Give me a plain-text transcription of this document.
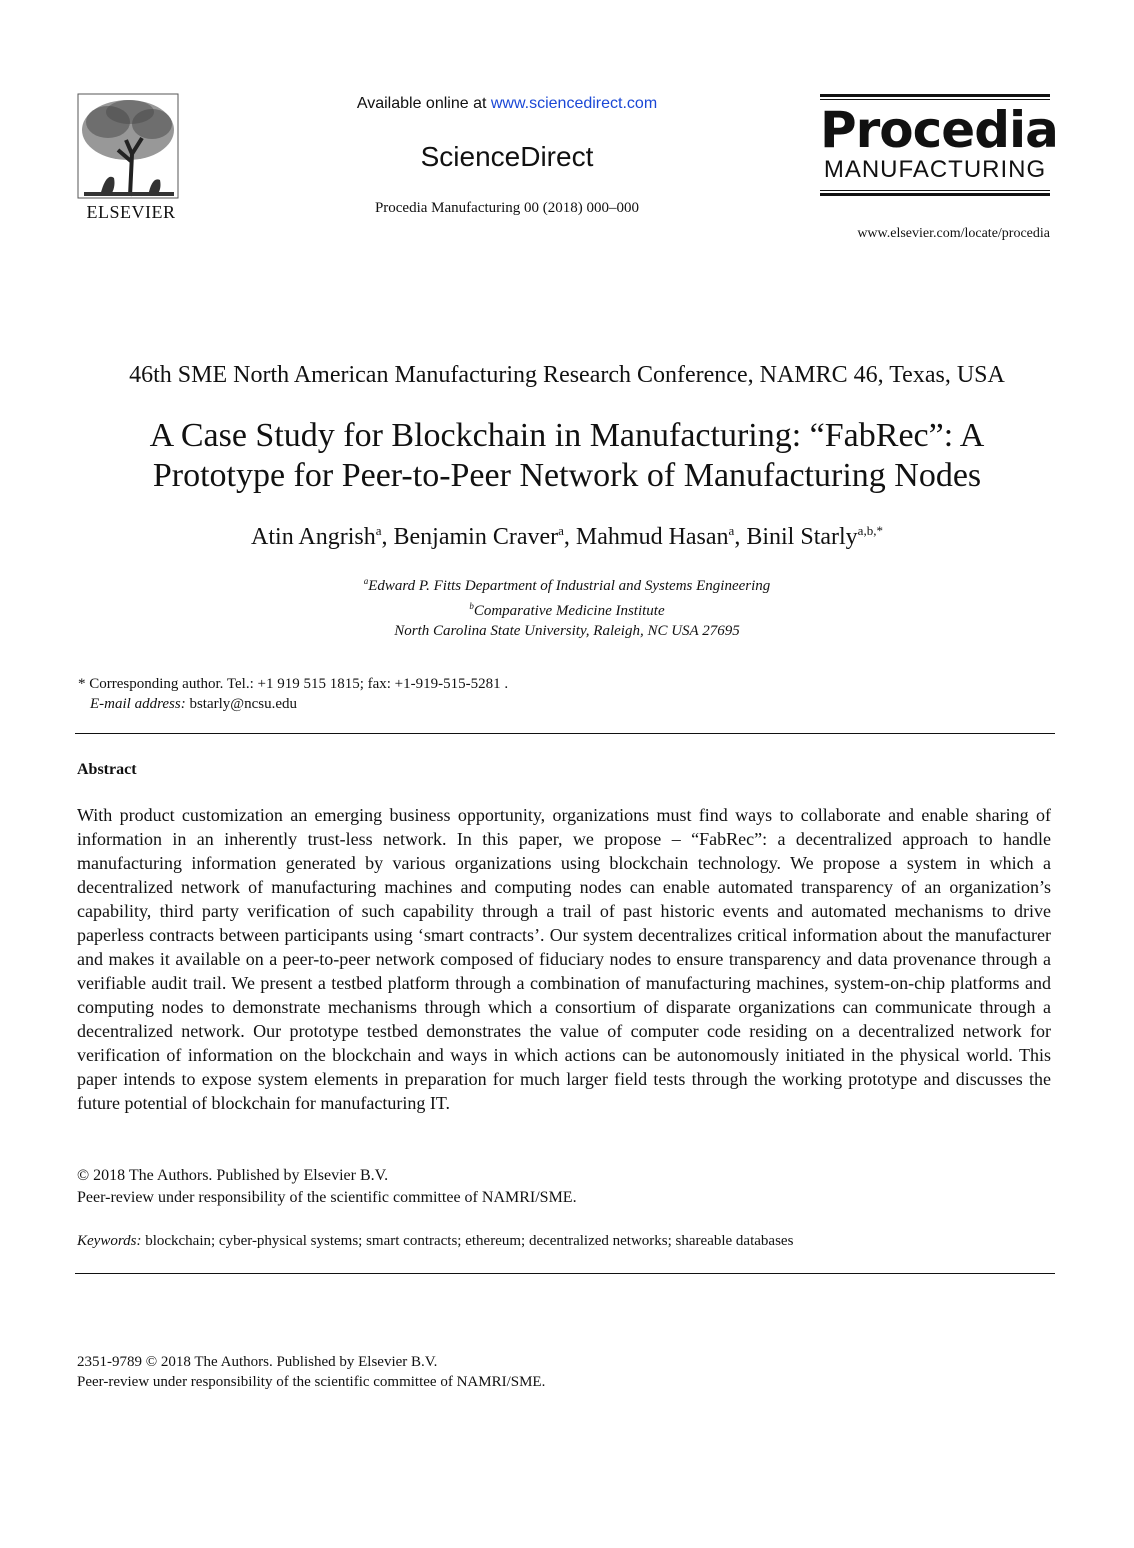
ELSEVIER
Available online at www.sciencedirect.com
ScienceDirect
Procedia Manufacturing 00 (2018) 000–000
Procedia
MANUFACTURING
www.elsevier.com/locate/procedia
46th SME North American Manufacturing Research Conference, NAMRC 46, Texas, USA
A Case Study for Blockchain in Manufacturing: “FabRec”: A
Prototype for Peer-to-Peer Network of Manufacturing Nodes
Atin Angrish$^a$, Benjamin Craver$^a$, Mahmud Hasan$^a$, Binil Starly$^{a,b,*}$
$^a$Edward P. Fitts Department of Industrial and Systems Engineering
$^b$Comparative Medicine Institute
North Carolina State University, Raleigh, NC USA 27695
* Corresponding author. Tel.: +1 919 515 1815; fax: +1-919-515-5281 .
E-mail address: bstarly@ncsu.edu
Abstract
With product customization an emerging business opportunity, organizations must find ways to collaborate and enable sharing of information in an inherently trust-less network. In this paper, we propose – “FabRec”: a decentralized approach to handle manufacturing information generated by various organizations using blockchain technology. We propose a system in which a decentralized network of manufacturing machines and computing nodes can enable automated transparency of an organization’s capability, third party verification of such capability through a trail of past historic events and automated mechanisms to drive paperless contracts between participants using ‘smart contracts’. Our system decentralizes critical information about the manufacturer and makes it available on a peer-to-peer network composed of fiduciary nodes to ensure transparency and data provenance through a verifiable audit trail. We present a testbed platform through a combination of manufacturing machines, system-on-chip platforms and computing nodes to demonstrate mechanisms through which a consortium of disparate organizations can communicate through a decentralized network. Our prototype testbed demonstrates the value of computer code residing on a decentralized network for verification of information on the blockchain and ways in which actions can be autonomously initiated in the physical world. This paper intends to expose system elements in preparation for much larger field tests through the working prototype and discusses the future potential of blockchain for manufacturing IT.
© 2018 The Authors. Published by Elsevier B.V.
Peer-review under responsibility of the scientific committee of NAMRI/SME.
Keywords: blockchain; cyber-physical systems; smart contracts; ethereum; decentralized networks; shareable databases
2351-9789 © 2018 The Authors. Published by Elsevier B.V.
Peer-review under responsibility of the scientific committee of NAMRI/SME.
